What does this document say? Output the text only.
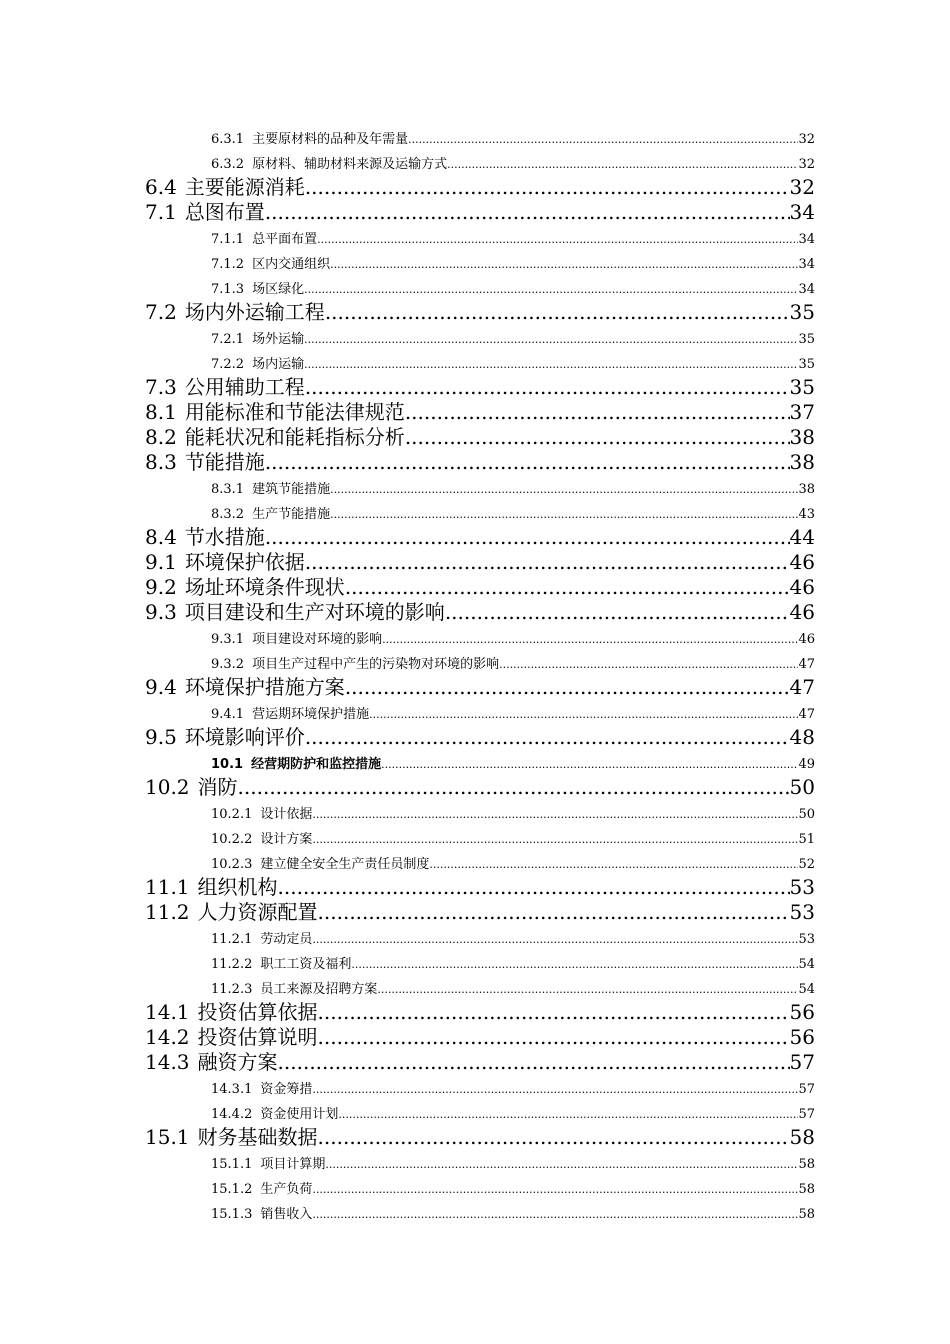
6.3.1 主要原材料的品种及年需量 .....	32
6.3.2 原材料、辅助材料来源及运输方式 .....	32
6.4 主要能源消耗 .....	32
7.1 总图布置 .....	34
7.1.1 总平面布置 .....	34
7.1.2 区内交通组织 .....	34
7.1.3 场区绿化 .....	34
7.2 场内外运输工程 .....	35
7.2.1 场外运输 .....	35
7.2.2 场内运输 .....	35
7.3 公用辅助工程 .....	35
8.1 用能标准和节能法律规范 .....	37
8.2 能耗状况和能耗指标分析 .....	38
8.3 节能措施 .....	38
8.3.1 建筑节能措施 .....	38
8.3.2 生产节能措施 .....	43
8.4 节水措施 .....	44
9.1 环境保护依据 .....	46
9.2 场址环境条件现状 .....	46
9.3 项目建设和生产对环境的影响 .....	46
9.3.1 项目建设对环境的影响 .....	46
9.3.2 项目生产过程中产生的污染物对环境的影响 .....	47
9.4 环境保护措施方案 .....	47
9.4.1 营运期环境保护措施 .....	47
9.5 环境影响评价 .....	48
10.1 经营期防护和监控措施 .....	49
10.2 消防 .....	50
10.2.1 设计依据 .....	50
10.2.2 设计方案 .....	51
10.2.3 建立健全安全生产责任员制度 .....	52
11.1 组织机构 .....	53
11.2 人力资源配置 .....	53
11.2.1 劳动定员 .....	53
11.2.2 职工工资及福利 .....	54
11.2.3 员工来源及招聘方案 .....	54
14.1 投资估算依据 .....	56
14.2 投资估算说明 .....	56
14.3 融资方案 .....	57
14.3.1 资金筹措 .....	57
14.4.2 资金使用计划 .....	57
15.1 财务基础数据 .....	58
15.1.1 项目计算期 .....	58
15.1.2 生产负荷 .....	58
15.1.3 销售收入 .....	58
